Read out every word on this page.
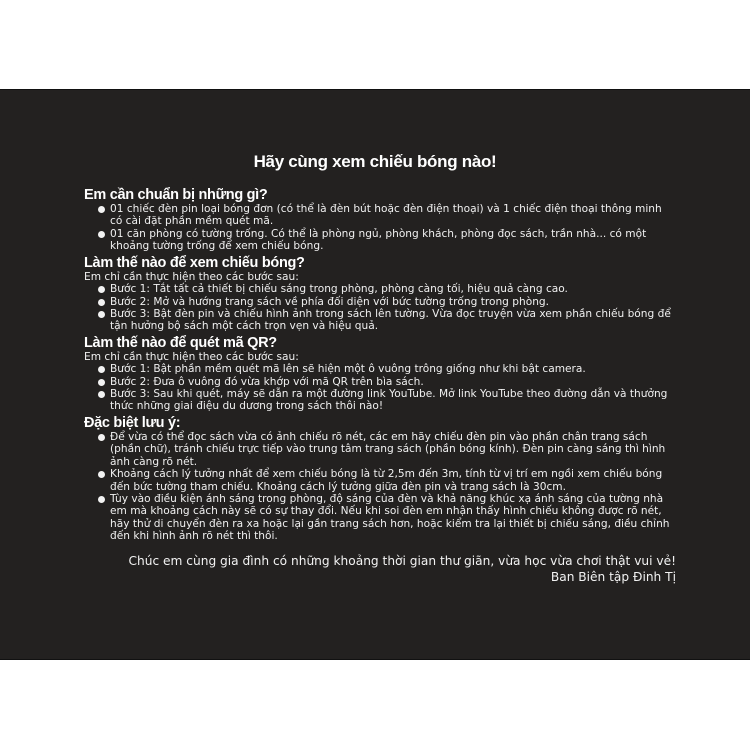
Hãy cùng xem chiếu bóng nào!
Em cần chuẩn bị những gì?
01 chiếc đèn pin loại bóng đơn (có thể là đèn bút hoặc đèn điện thoại) và 1 chiếc điện thoại thông minh có cài đặt phần mềm quét mã.
01 căn phòng có tường trống. Có thể là phòng ngủ, phòng khách, phòng đọc sách, trần nhà... có một khoảng tường trống để xem chiếu bóng.
Làm thế nào để xem chiếu bóng?

Em chỉ cần thực hiện theo các bước sau:

Bước 1: Tắt tất cả thiết bị chiếu sáng trong phòng, phòng càng tối, hiệu quả càng cao.
Bước 2: Mở và hướng trang sách về phía đối diện với bức tường trống trong phòng.
Bước 3: Bật đèn pin và chiếu hình ảnh trong sách lên tường. Vừa đọc truyện vừa xem phần chiếu bóng để tận hưởng bộ sách một cách trọn vẹn và hiệu quả.
Làm thế nào để quét mã QR?

Em chỉ cần thực hiện theo các bước sau:

Bước 1: Bật phần mềm quét mã lên sẽ hiện một ô vuông trông giống như khi bật camera.
Bước 2: Đưa ô vuông đó vừa khớp với mã QR trên bìa sách.
Bước 3: Sau khi quét, máy sẽ dẫn ra một đường link YouTube. Mở link YouTube theo đường dẫn và thưởng thức những giai điệu du dương trong sách thôi nào!
Đặc biệt lưu ý:
Để vừa có thể đọc sách vừa có ảnh chiếu rõ nét, các em hãy chiếu đèn pin vào phần chân trang sách (phần chữ), tránh chiếu trực tiếp vào trung tâm trang sách (phần bóng kính). Đèn pin càng sáng thì hình ảnh càng rõ nét.
Khoảng cách lý tưởng nhất để xem chiếu bóng là từ 2,5m đến 3m, tính từ vị trí em ngồi xem chiếu bóng đến bức tường tham chiếu. Khoảng cách lý tưởng giữa đèn pin và trang sách là 30cm.
Tùy vào điều kiện ánh sáng trong phòng, độ sáng của đèn và khả năng khúc xạ ánh sáng của tường nhà em mà khoảng cách này sẽ có sự thay đổi. Nếu khi soi đèn em nhận thấy hình chiếu không được rõ nét, hãy thử di chuyển đèn ra xa hoặc lại gần trang sách hơn, hoặc kiểm tra lại thiết bị chiếu sáng, điều chỉnh đến khi hình ảnh rõ nét thì thôi.
Chúc em cùng gia đình có những khoảng thời gian thư giãn, vừa học vừa chơi thật vui vẻ!
Ban Biên tập Đinh Tị
